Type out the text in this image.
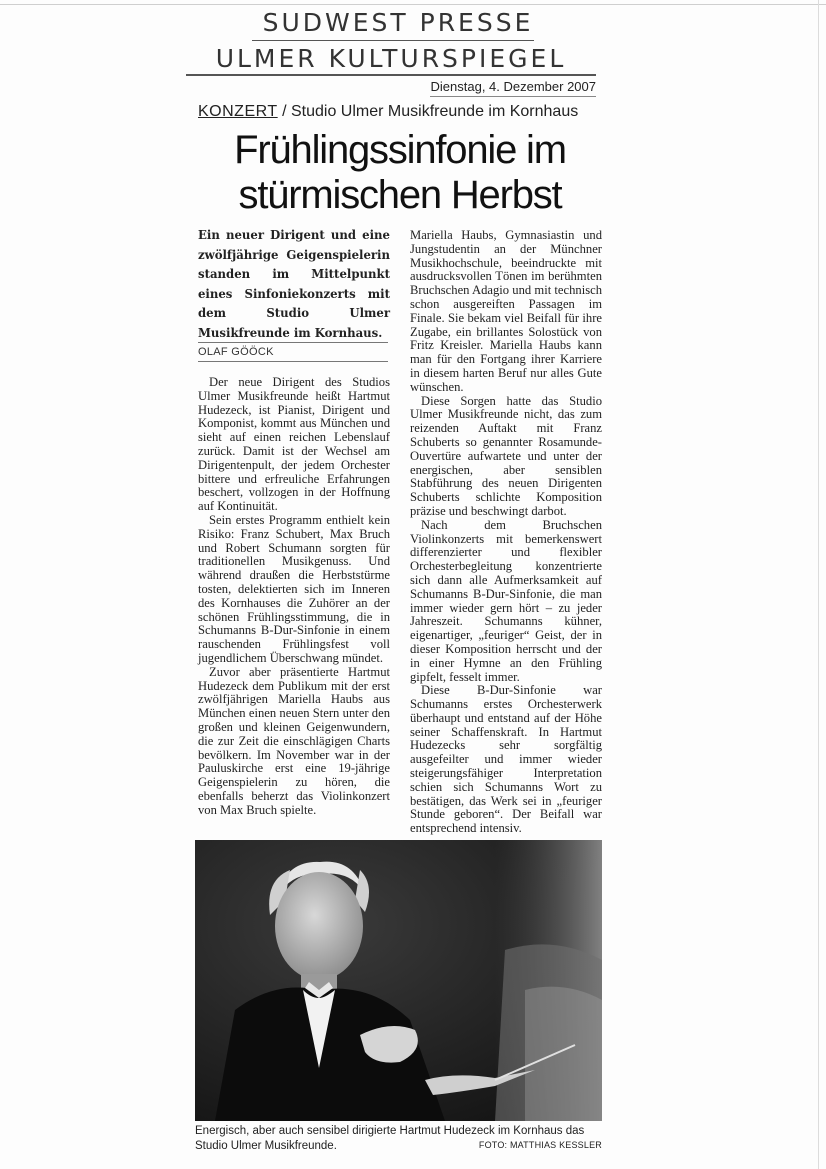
SUDWEST PRESSE
ULMER KULTURSPIEGEL
Dienstag, 4. Dezember 2007
KONZERT / Studio Ulmer Musikfreunde im Kornhaus
Frühlingssinfonie im
stürmischen Herbst

Ein neuer Dirigent und eine zwölfjährige Geigenspielerin standen im Mittelpunkt eines Sinfoniekonzerts mit dem Studio Ulmer Musikfreunde im Kornhaus.

OLAF GÖÖCK

Der neue Dirigent des Studios Ulmer Musikfreunde heißt Hartmut Hudezeck, ist Pianist, Dirigent und Komponist, kommt aus München und sieht auf einen reichen Lebenslauf zurück. Damit ist der Wechsel am Dirigentenpult, der jedem Orchester bittere und erfreuliche Erfahrungen beschert, vollzogen in der Hoffnung auf Kontinuität.

Sein erstes Programm enthielt kein Risiko: Franz Schubert, Max Bruch und Robert Schumann sorgten für traditionellen Musikgenuss. Und während draußen die Herbststürme tosten, delektierten sich im Inneren des Kornhauses die Zuhörer an der schönen Frühlingsstimmung, die in Schumanns B-Dur-Sinfonie in einem rauschenden Frühlingsfest voll jugendlichem Überschwang mündet.

Zuvor aber präsentierte Hartmut Hudezeck dem Publikum mit der erst zwölfjährigen Mariella Haubs aus München einen neuen Stern unter den großen und kleinen Geigenwundern, die zur Zeit die einschlägigen Charts bevölkern. Im November war in der Pauluskirche erst eine 19-jährige Geigenspielerin zu hören, die ebenfalls beherzt das Violinkonzert von Max Bruch spielte.

Mariella Haubs, Gymnasiastin und Jungstudentin an der Münchner Musikhochschule, beeindruckte mit ausdrucksvollen Tönen im berühmten Bruchschen Adagio und mit technisch schon ausgereiften Passagen im Finale. Sie bekam viel Beifall für ihre Zugabe, ein brillantes Solostück von Fritz Kreisler. Mariella Haubs kann man für den Fortgang ihrer Karriere in diesem harten Beruf nur alles Gute wünschen.

Diese Sorgen hatte das Studio Ulmer Musikfreunde nicht, das zum reizenden Auftakt mit Franz Schuberts so genannter Rosamunde-Ouvertüre aufwartete und unter der energischen, aber sensiblen Stabführung des neuen Dirigenten Schuberts schlichte Komposition präzise und beschwingt darbot.

Nach dem Bruchschen Violinkonzerts mit bemerkenswert differenzierter und flexibler Orchesterbegleitung konzentrierte sich dann alle Aufmerksamkeit auf Schumanns B-Dur-Sinfonie, die man immer wieder gern hört – zu jeder Jahreszeit. Schumanns kühner, eigenartiger, „feuriger“ Geist, der in dieser Komposition herrscht und der in einer Hymne an den Frühling gipfelt, fesselt immer.

Diese B-Dur-Sinfonie war Schumanns erstes Orchesterwerk überhaupt und entstand auf der Höhe seiner Schaffenskraft. In Hartmut Hudezecks sehr sorgfältig ausgefeilter und immer wieder steigerungsfähiger Interpretation schien sich Schumanns Wort zu bestätigen, das Werk sei in „feuriger Stunde geboren“. Der Beifall war entsprechend intensiv.

Energisch, aber auch sensibel dirigierte Hartmut Hudezeck im Kornhaus das Studio Ulmer Musikfreunde.	FOTO: MATTHIAS KESSLER
